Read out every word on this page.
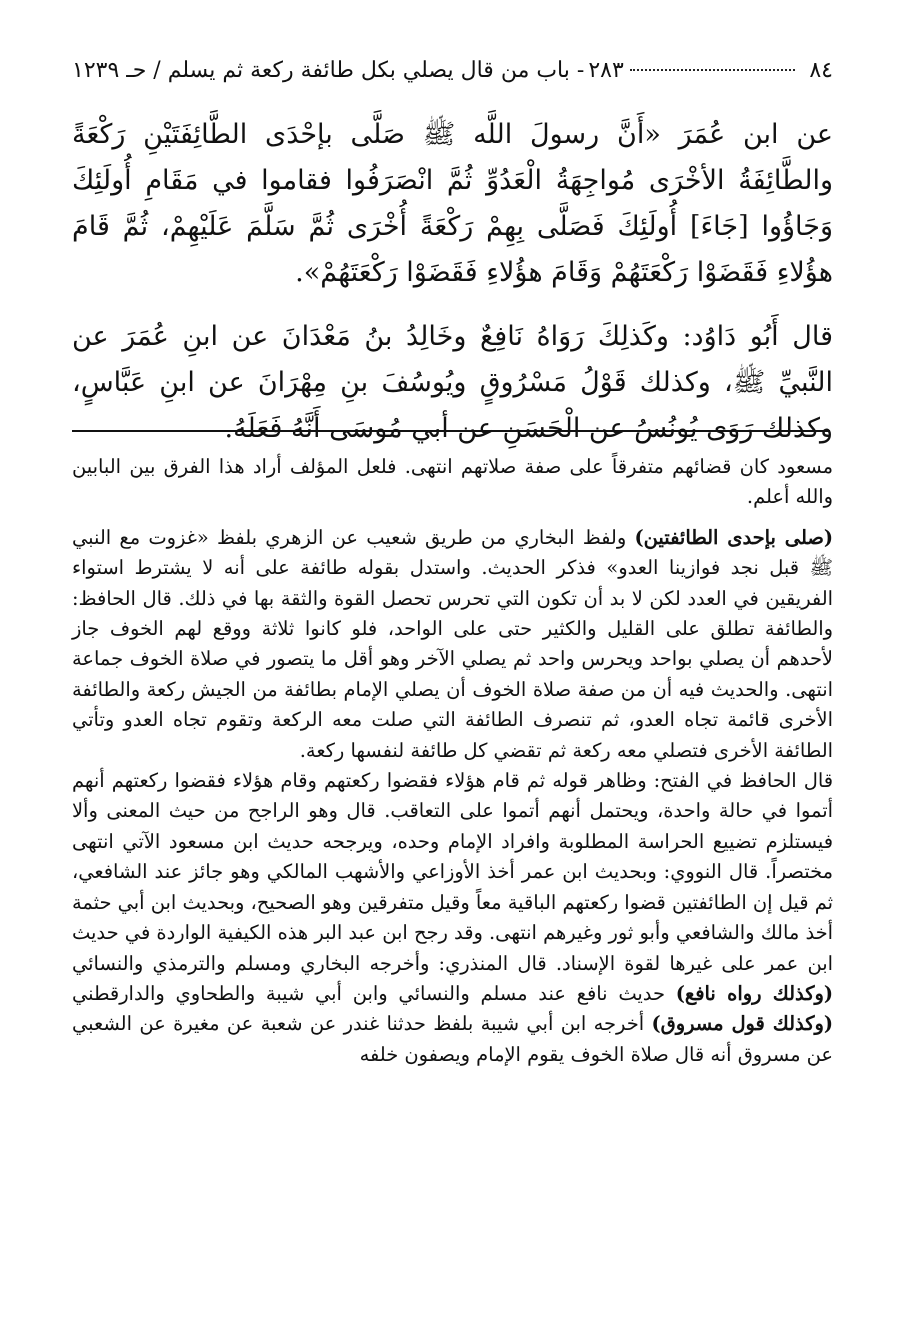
٨٤
٢٨٣
- باب من قال يصلي بكل طائفة ركعة ثم يسلم / حـ ١٢٣٩

عن ابن عُمَرَ «أَنَّ رسولَ اللَّه ﷺ صَلَّى بإحْدَى الطَّائِفَتَيْنِ رَكْعَةً والطَّائِفَةُ الأخْرَى مُواجِهَةُ الْعَدُوِّ ثُمَّ انْصَرَفُوا فقاموا في مَقَامِ أُولَئِكَ وَجَاؤُوا [جَاءَ] أُولَئِكَ فَصَلَّى بِهِمْ رَكْعَةً أُخْرَى ثُمَّ سَلَّمَ عَلَيْهِمْ، ثُمَّ قَامَ هؤُلاءِ فَقَضَوْا رَكْعَتَهُمْ وَقَامَ هؤُلاءِ فَقَضَوْا رَكْعَتَهُمْ».

قال أَبُو دَاوُد: وكَذلِكَ رَوَاهُ نَافِعٌ وخَالِدُ بنُ مَعْدَانَ عن ابنِ عُمَرَ عن النَّبيِّ ﷺ، وكذلك قَوْلُ مَسْرُوقٍ ويُوسُفَ بنِ مِهْرَانَ عن ابنِ عَبَّاسٍ، وكذلك رَوَى يُونُسُ عن الْحَسَنِ عن أبي مُوسَى أَنَّهُ فَعَلَهُ.

مسعود كان قضائهم متفرقاً على صفة صلاتهم انتهى. فلعل المؤلف أراد هذا الفرق بين البابين والله أعلم.

(صلى بإحدى الطائفتين) ولفظ البخاري من طريق شعيب عن الزهري بلفظ «غزوت مع النبي ﷺ قبل نجد فوازينا العدو» فذكر الحديث. واستدل بقوله طائفة على أنه لا يشترط استواء الفريقين في العدد لكن لا بد أن تكون التي تحرس تحصل القوة والثقة بها في ذلك. قال الحافظ: والطائفة تطلق على القليل والكثير حتى على الواحد، فلو كانوا ثلاثة ووقع لهم الخوف جاز لأحدهم أن يصلي بواحد ويحرس واحد ثم يصلي الآخر وهو أقل ما يتصور في صلاة الخوف جماعة انتهى. والحديث فيه أن من صفة صلاة الخوف أن يصلي الإمام بطائفة من الجيش ركعة والطائفة الأخرى قائمة تجاه العدو، ثم تنصرف الطائفة التي صلت معه الركعة وتقوم تجاه العدو وتأتي الطائفة الأخرى فتصلي معه ركعة ثم تقضي كل طائفة لنفسها ركعة.

قال الحافظ في الفتح: وظاهر قوله ثم قام هؤلاء فقضوا ركعتهم وقام هؤلاء فقضوا ركعتهم أنهم أتموا في حالة واحدة، ويحتمل أنهم أتموا على التعاقب. قال وهو الراجح من حيث المعنى وألا فيستلزم تضييع الحراسة المطلوبة وافراد الإمام وحده، ويرجحه حديث ابن مسعود الآتي انتهى مختصراً. قال النووي: وبحديث ابن عمر أخذ الأوزاعي والأشهب المالكي وهو جائز عند الشافعي، ثم قيل إن الطائفتين قضوا ركعتهم الباقية معاً وقيل متفرقين وهو الصحيح، وبحديث ابن أبي حثمة أخذ مالك والشافعي وأبو ثور وغيرهم انتهى. وقد رجح ابن عبد البر هذه الكيفية الواردة في حديث ابن عمر على غيرها لقوة الإسناد. قال المنذري: وأخرجه البخاري ومسلم والترمذي والنسائي (وكذلك رواه نافع) حديث نافع عند مسلم والنسائي وابن أبي شيبة والطحاوي والدارقطني (وكذلك قول مسروق) أخرجه ابن أبي شيبة بلفظ حدثنا غندر عن شعبة عن مغيرة عن الشعبي عن مسروق أنه قال صلاة الخوف يقوم الإمام ويصفون خلفه
